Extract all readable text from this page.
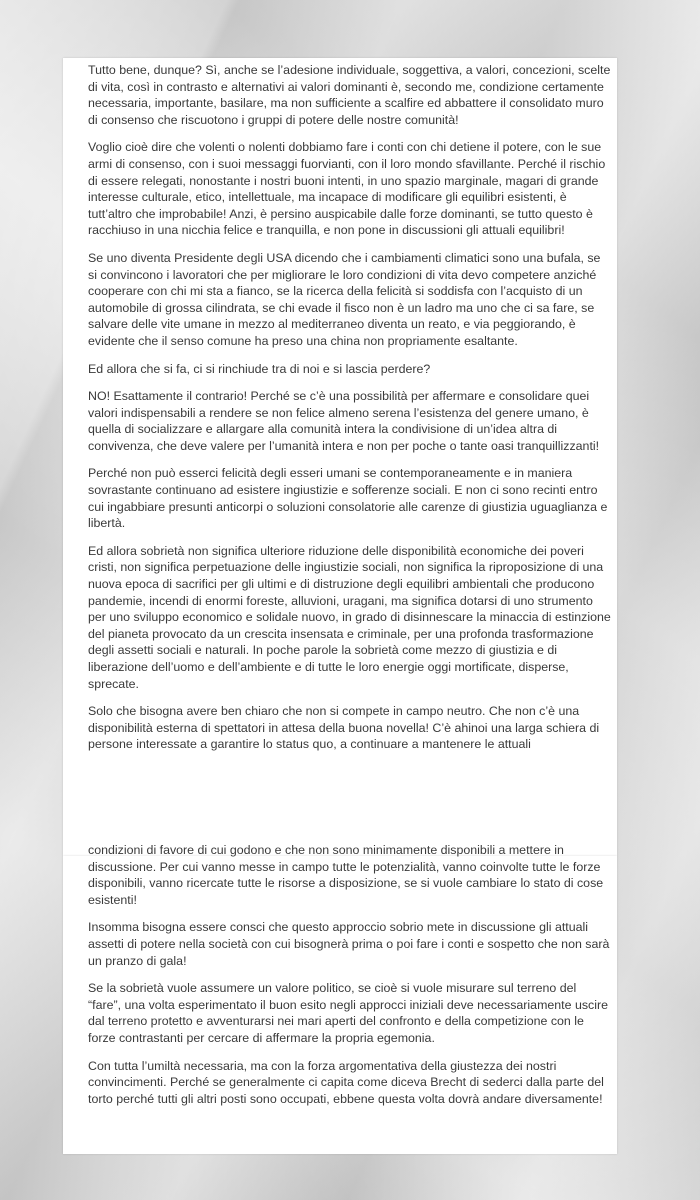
Tutto bene, dunque? Sì, anche se l’adesione individuale, soggettiva, a valori, concezioni, scelte di vita, così in contrasto e alternativi ai valori dominanti è, secondo me, condizione certamente necessaria, importante, basilare, ma non sufficiente a scalfire ed abbattere il consolidato muro di consenso che riscuotono i gruppi di potere delle nostre comunità!

Voglio cioè dire che volenti o nolenti dobbiamo fare i conti con chi detiene il potere, con le sue armi di consenso, con i suoi messaggi fuorvianti, con il loro mondo sfavillante. Perché il rischio di essere relegati, nonostante i nostri buoni intenti, in uno spazio marginale, magari di grande interesse culturale, etico, intellettuale, ma incapace di modificare gli equilibri esistenti, è tutt’altro che improbabile! Anzi, è persino auspicabile dalle forze dominanti, se tutto questo è racchiuso in una nicchia felice e tranquilla, e non pone in discussioni gli attuali equilibri!

Se uno diventa Presidente degli USA dicendo che i cambiamenti climatici sono una bufala, se si convincono i lavoratori che per migliorare le loro condizioni di vita devo competere anziché cooperare con chi mi sta a fianco, se la ricerca della felicità si soddisfa con l’acquisto di un automobile di grossa cilindrata, se chi evade il fisco non è un ladro ma uno che ci sa fare, se salvare delle vite umane in mezzo al mediterraneo diventa un reato, e via peggiorando, è evidente che il senso comune ha preso una china non propriamente esaltante.

Ed allora che si fa, ci si rinchiude tra di noi e si lascia perdere?

NO! Esattamente il contrario! Perché se c’è una possibilità per affermare e consolidare quei valori indispensabili a rendere se non felice almeno serena l’esistenza del genere umano, è quella di socializzare e allargare alla comunità intera la condivisione di un’idea altra di convivenza, che deve valere per l’umanità intera e non per poche o tante oasi tranquillizzanti!

Perché non può esserci felicità degli esseri umani se contemporaneamente e in maniera sovrastante continuano ad esistere ingiustizie e sofferenze sociali. E non ci sono recinti entro cui ingabbiare presunti anticorpi o soluzioni consolatorie alle carenze di giustizia uguaglianza e libertà.

Ed allora sobrietà non significa ulteriore riduzione delle disponibilità economiche dei poveri cristi, non significa perpetuazione delle ingiustizie sociali, non significa la riproposizione di una nuova epoca di sacrifici per gli ultimi e di distruzione degli equilibri ambientali che producono pandemie, incendi di enormi foreste, alluvioni, uragani, ma significa dotarsi di uno strumento per uno sviluppo economico e solidale nuovo, in grado di disinnescare la minaccia di estinzione del pianeta provocato da un crescita insensata e criminale, per una profonda trasformazione degli assetti sociali e naturali. In poche parole la sobrietà come mezzo di giustizia e di liberazione dell’uomo e dell’ambiente e di tutte le loro energie oggi mortificate, disperse, sprecate.

Solo che bisogna avere ben chiaro che non si compete in campo neutro. Che non c’è una disponibilità esterna di spettatori in attesa della buona novella! C’è ahinoi una larga schiera di persone interessate a garantire lo status quo, a continuare a mantenere le attuali

condizioni di favore di cui godono e che non sono minimamente disponibili a mettere in discussione. Per cui vanno messe in campo tutte le potenzialità, vanno coinvolte tutte le forze disponibili, vanno ricercate tutte le risorse a disposizione, se si vuole cambiare lo stato di cose esistenti!

Insomma bisogna essere consci che questo approccio sobrio mete in discussione gli attuali assetti di potere nella società con cui bisognerà prima o poi fare i conti e sospetto che non sarà un pranzo di gala!

Se la sobrietà vuole assumere un valore politico, se cioè si vuole misurare sul terreno del “fare”, una volta esperimentato il buon esito negli approcci iniziali deve necessariamente uscire dal terreno protetto e avventurarsi nei mari aperti del confronto e della competizione con le forze contrastanti per cercare di affermare la propria egemonia.

Con tutta l’umiltà necessaria, ma con la forza argomentativa della giustezza dei nostri convincimenti. Perché se generalmente ci capita come diceva Brecht di sederci dalla parte del torto perché tutti gli altri posti sono occupati, ebbene questa volta dovrà andare diversamente!
